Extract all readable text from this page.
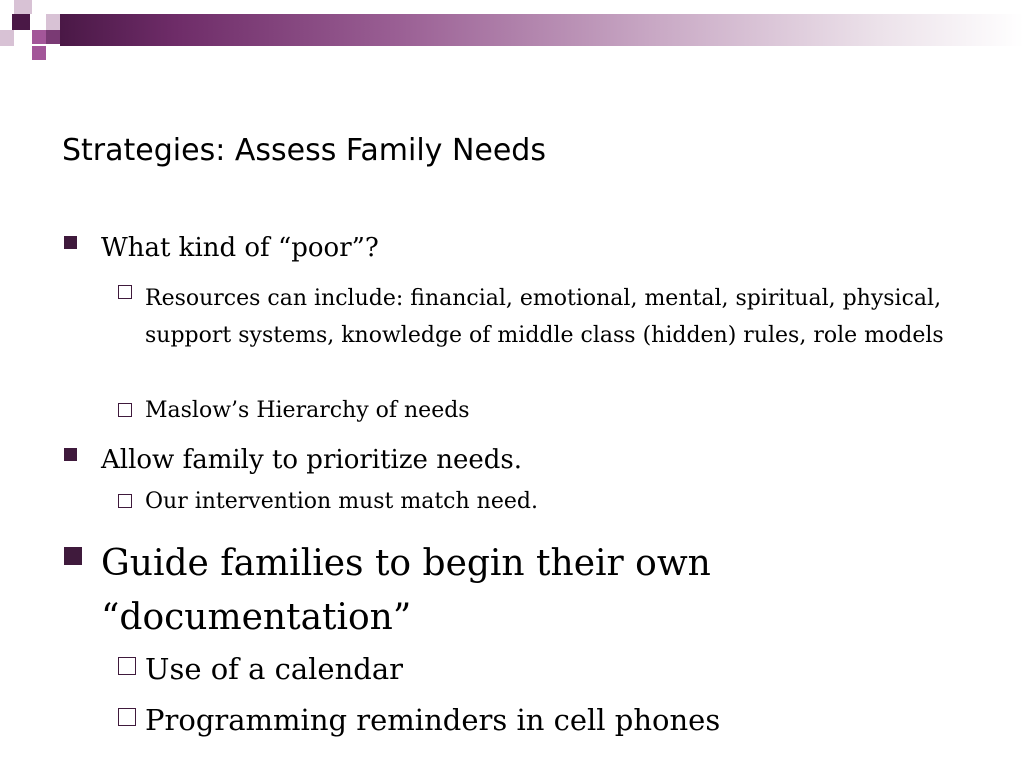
Strategies: Assess Family Needs
What kind of “poor”?
Resources can include: financial, emotional, mental, spiritual, physical, support systems, knowledge of middle class (hidden) rules, role models
Maslow’s Hierarchy of needs
Allow family to prioritize needs.
Our intervention must match need.
Guide families to begin their own “documentation”
Use of a calendar
Programming reminders in cell phones
